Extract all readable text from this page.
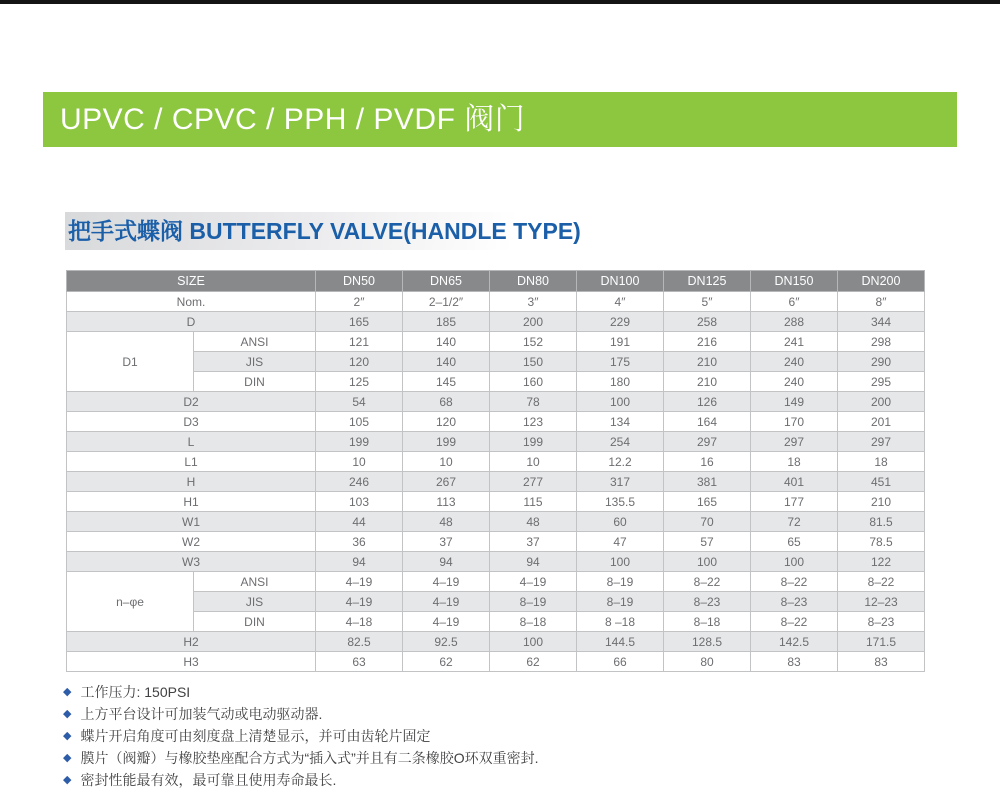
UPVC / CPVC / PPH / PVDF 阀门
把手式蝶阀 BUTTERFLY VALVE(HANDLE TYPE)
SIZE		DN50	DN65	DN80	DN100	DN125	DN150	DN200
Nom.		2″	2–1/2″	3″	4″	5″	6″	8″
D		165	185	200	229	258	288	344
D1	ANSI	121	140	152	191	216	241	298
	JIS	120	140	150	175	210	240	290
	DIN	125	145	160	180	210	240	295
D2		54	68	78	100	126	149	200
D3		105	120	123	134	164	170	201
L		199	199	199	254	297	297	297
L1		10	10	10	12.2	16	18	18
H		246	267	277	317	381	401	451
H1		103	113	115	135.5	165	177	210
W1		44	48	48	60	70	72	81.5
W2		36	37	37	47	57	65	78.5
W3		94	94	94	100	100	100	122
n–φe	ANSI	4–19	4–19	4–19	8–19	8–22	8–22	8–22
	JIS	4–19	4–19	8–19	8–19	8–23	8–23	12–23
	DIN	4–18	4–19	8–18	8 –18	8–18	8–22	8–23
H2		82.5	92.5	100	144.5	128.5	142.5	171.5
H3		63	62	62	66	80	83	83
◆ 工作压力: 150PSI
◆ 上方平台设计可加装气动或电动驱动器.
◆ 蝶片开启角度可由刻度盘上清楚显示，并可由齿轮片固定
◆ 膜片（阀瓣）与橡胶垫座配合方式为“插入式”并且有二条橡胶O环双重密封.
◆ 密封性能最有效，最可靠且使用寿命最长.
